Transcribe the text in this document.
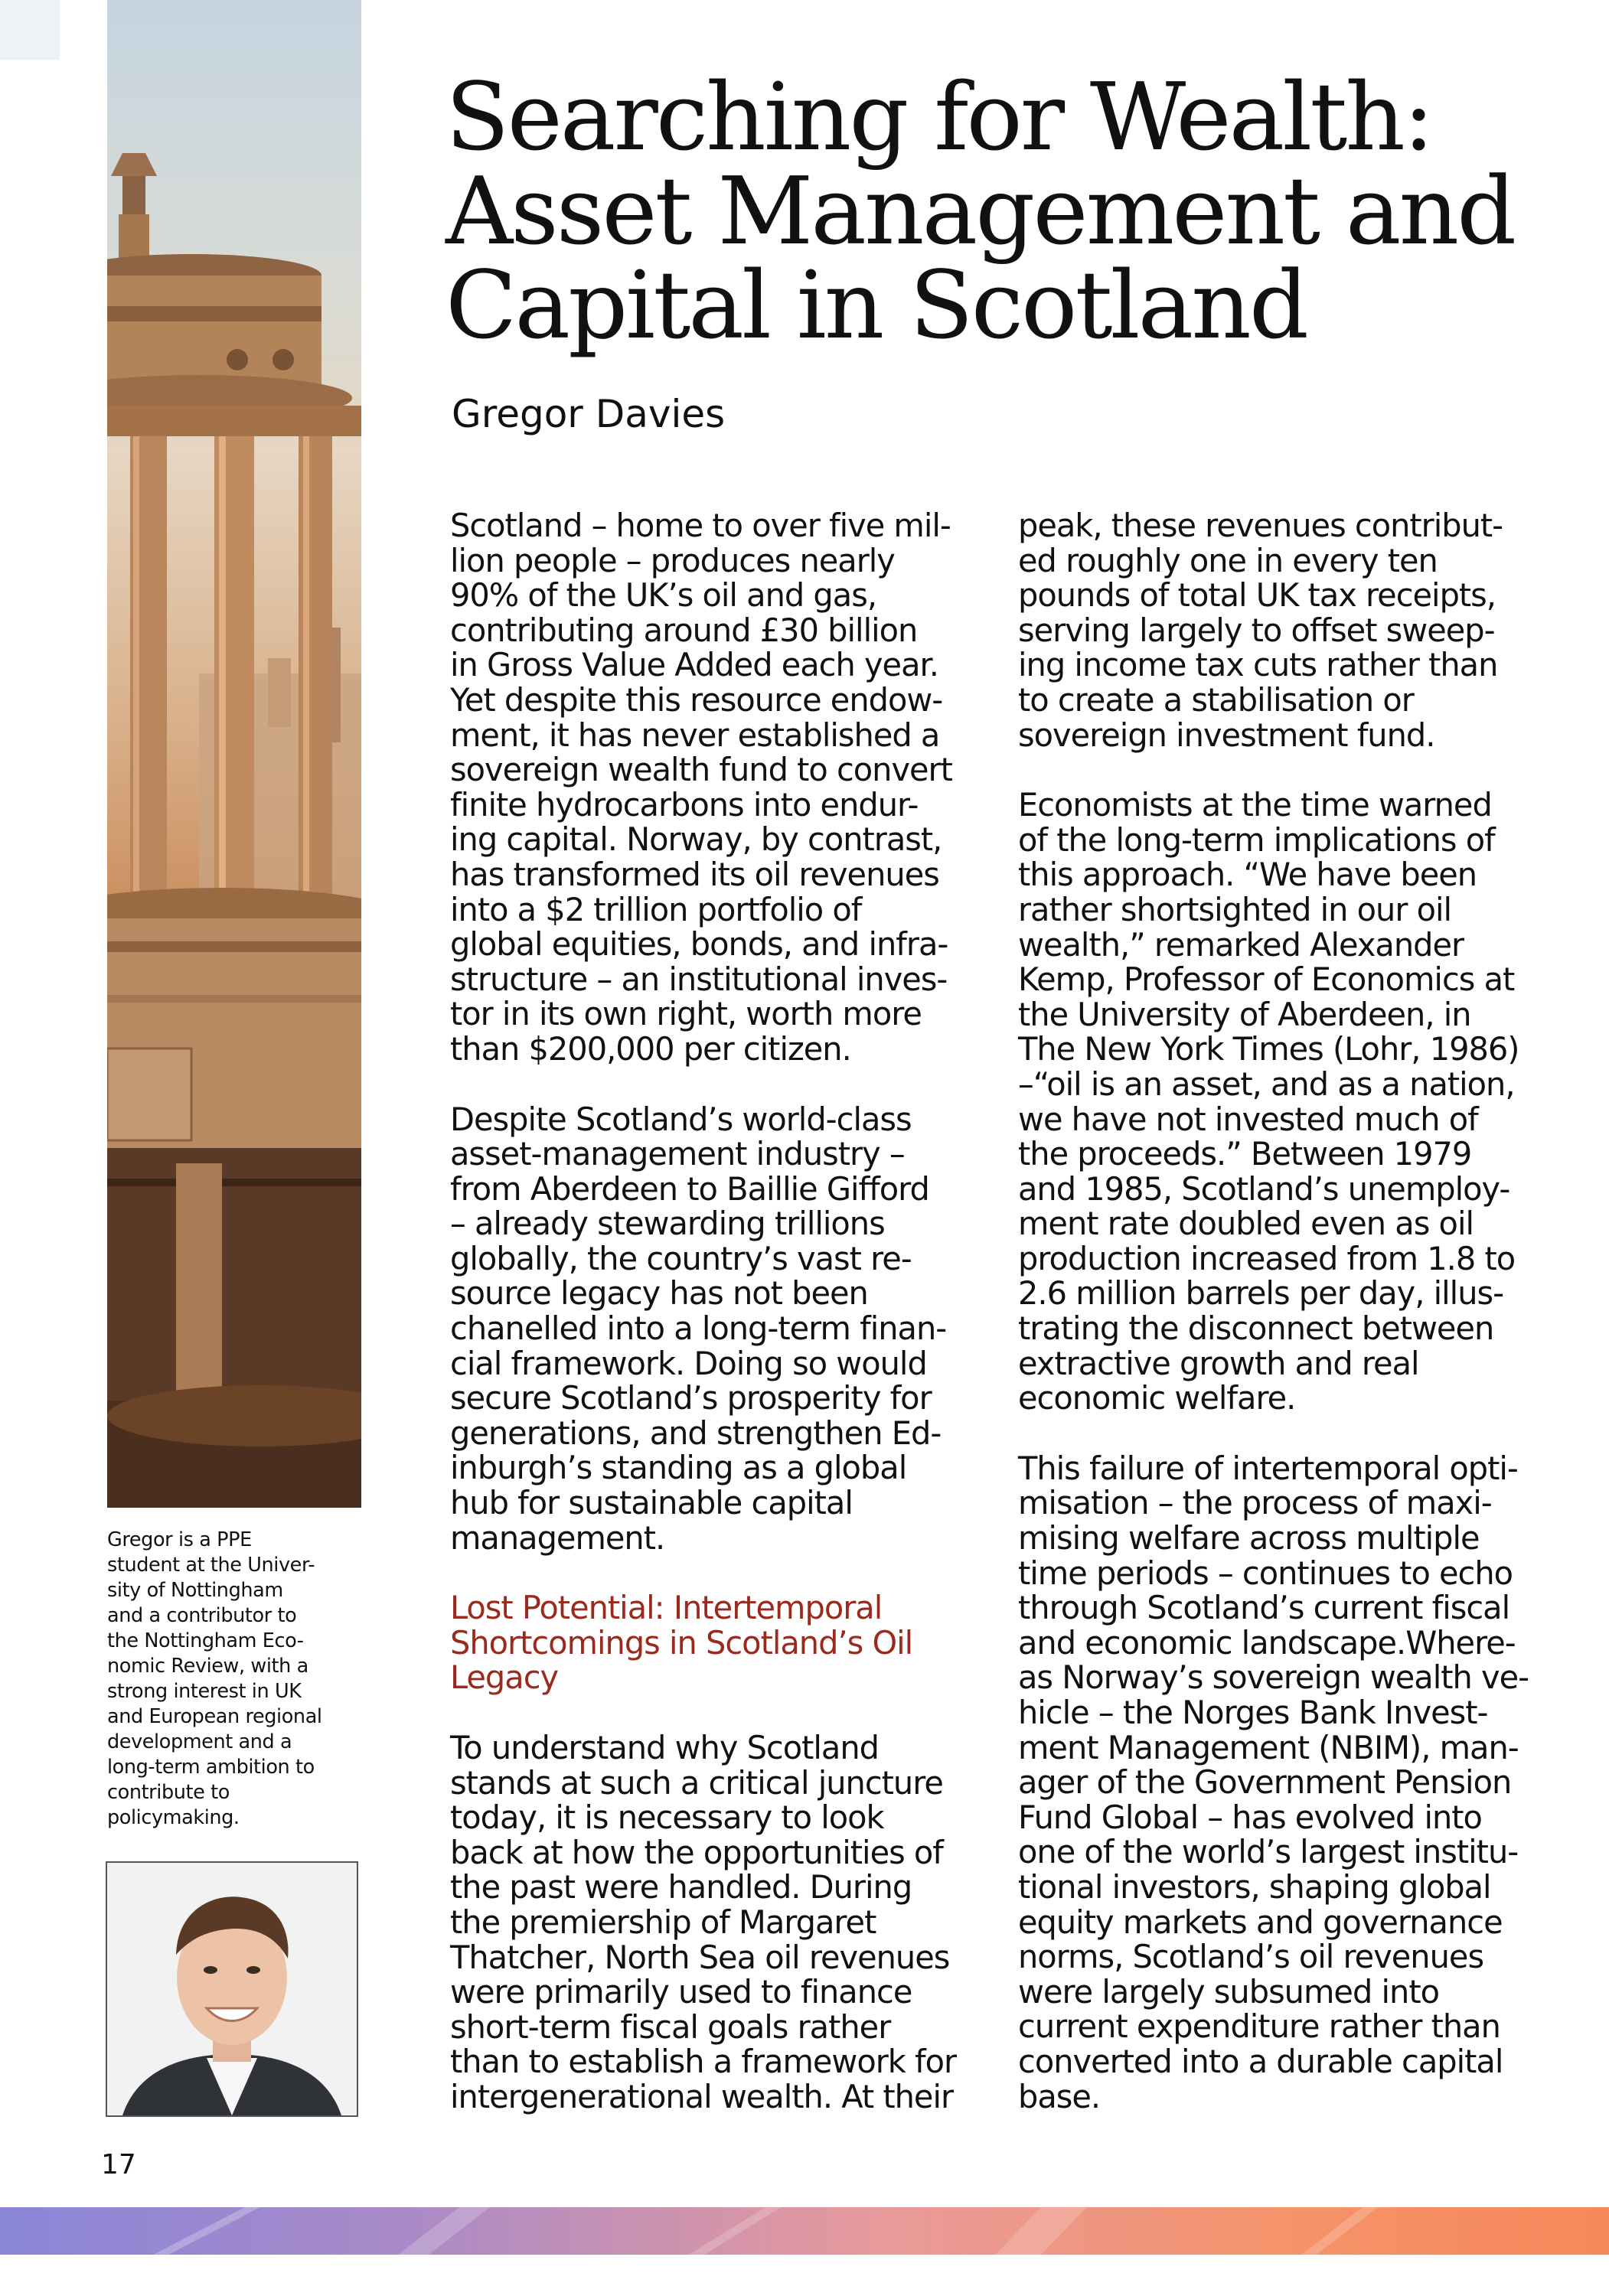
Searching for Wealth:
Asset Management and
Capital in Scotland
Gregor Davies

Scotland – home to over five mil-
lion people – produces nearly
90% of the UK’s oil and gas,
contributing around £30 billion
in Gross Value Added each year.
Yet despite this resource endow-
ment, it has never established a
sovereign wealth fund to convert
finite hydrocarbons into endur-
ing capital. Norway, by contrast,
has transformed its oil revenues
into a $2 trillion portfolio of
global equities, bonds, and infra-
structure – an institutional inves-
tor in its own right, worth more
than $200,000 per citizen.

Despite Scotland’s world-class
asset-management industry –
from Aberdeen to Baillie Gifford
– already stewarding trillions
globally, the country’s vast re-
source legacy has not been
chanelled into a long-term finan-
cial framework. Doing so would
secure Scotland’s prosperity for
generations, and strengthen Ed-
inburgh’s standing as a global
hub for sustainable capital
management.

Lost Potential: Intertemporal
Shortcomings in Scotland’s Oil
Legacy

To understand why Scotland
stands at such a critical juncture
today, it is necessary to look
back at how the opportunities of
the past were handled. During
the premiership of Margaret
Thatcher, North Sea oil revenues
were primarily used to finance
short-term fiscal goals rather
than to establish a framework for
intergenerational wealth. At their

peak, these revenues contribut-
ed roughly one in every ten
pounds of total UK tax receipts,
serving largely to offset sweep-
ing income tax cuts rather than
to create a stabilisation or
sovereign investment fund.

Economists at the time warned
of the long-term implications of
this approach. “We have been
rather shortsighted in our oil
wealth,” remarked Alexander
Kemp, Professor of Economics at
the University of Aberdeen, in
The New York Times (Lohr, 1986)
–“oil is an asset, and as a nation,
we have not invested much of
the proceeds.” Between 1979
and 1985, Scotland’s unemploy-
ment rate doubled even as oil
production increased from 1.8 to
2.6 million barrels per day, illus-
trating the disconnect between
extractive growth and real
economic welfare.

This failure of intertemporal opti-
misation – the process of maxi-
mising welfare across multiple
time periods – continues to echo
through Scotland’s current fiscal
and economic landscape.Where-
as Norway’s sovereign wealth ve-
hicle – the Norges Bank Invest-
ment Management (NBIM), man-
ager of the Government Pension
Fund Global – has evolved into
one of the world’s largest institu-
tional investors, shaping global
equity markets and governance
norms, Scotland’s oil revenues
were largely subsumed into
current expenditure rather than
converted into a durable capital
base.

Gregor is a PPE
student at the Univer-
sity of Nottingham
and a contributor to
the Nottingham Eco-
nomic Review, with a
strong interest in UK
and European regional
development and a
long-term ambition to
contribute to
policymaking.
17
